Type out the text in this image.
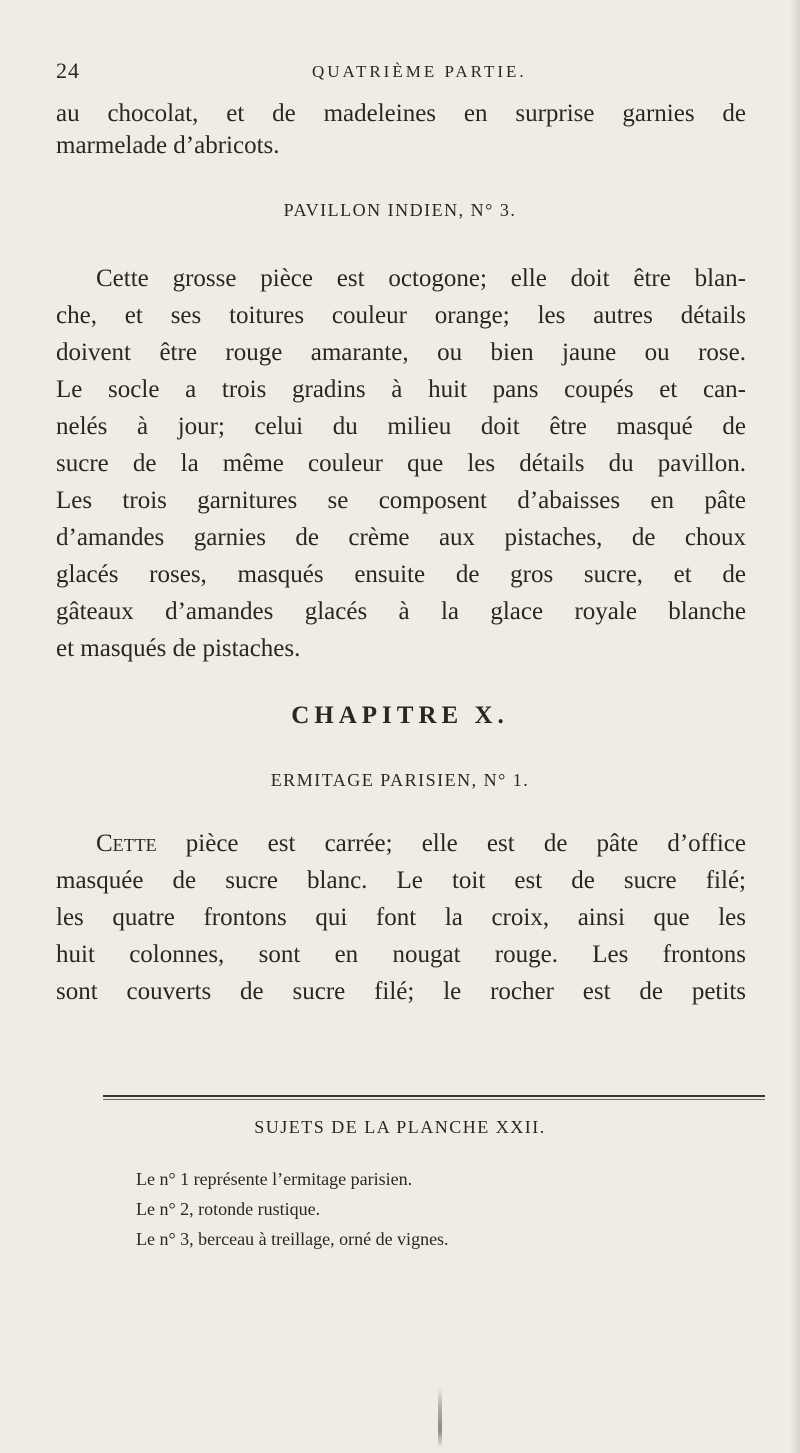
24	QUATRIÈME PARTIE.
au chocolat, et de madeleines en surprise garnies de
marmelade d’abricots.
PAVILLON INDIEN, N° 3.
Cette grosse pièce est octogone; elle doit être blan-
che, et ses toitures couleur orange; les autres détails
doivent être rouge amarante, ou bien jaune ou rose.
Le socle a trois gradins à huit pans coupés et can-
nelés à jour; celui du milieu doit être masqué de
sucre de la même couleur que les détails du pavillon.
Les trois garnitures se composent d’abaisses en pâte
d’amandes garnies de crème aux pistaches, de choux
glacés roses, masqués ensuite de gros sucre, et de
gâteaux d’amandes glacés à la glace royale blanche
et masqués de pistaches.
CHAPITRE X.
ERMITAGE PARISIEN, N° 1.
Cette pièce est carrée; elle est de pâte d’office
masquée de sucre blanc. Le toit est de sucre filé;
les quatre frontons qui font la croix, ainsi que les
huit colonnes, sont en nougat rouge. Les frontons
sont couverts de sucre filé; le rocher est de petits
SUJETS DE LA PLANCHE XXII.
Le n° 1 représente l’ermitage parisien.
Le n° 2, rotonde rustique.
Le n° 3, berceau à treillage, orné de vignes.
